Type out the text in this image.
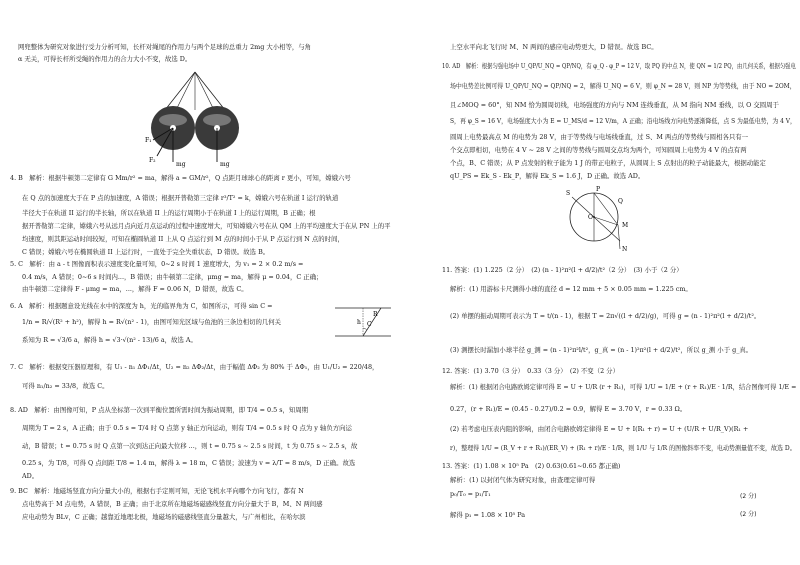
网兜整体为研究对象进行受力分析可知，长杆对绳尾的作用力与两个足球的总重力 2mg 大小相等，与角
α 无关，可得长杆所受绳的作用力的合力大小不变，故选 D。
F₁
F₂
mg	mg
4. B　解析：根据牛顿第二定律有 G Mm/r² = ma，解得 a = GM/r²，Q 点距月球球心的距离 r 更小，可知，嫦娥六号
在 Q 点的加速度大于在 P 点的加速度，A 错误；根据开普勒第三定律 r³/T² = k，嫦娥六号在轨道 I 运行的轨道
半径大于在轨道 II 运行的半长轴，所以在轨道 II 上的运行周期小于在轨道 I 上的运行周期，B 正确；根
据开普勒第二定律，嫦娥六号从远月点向近月点运动的过程中速度增大，可知嫦娥六号在从 QM 上的平均速度大于在从 PN 上的平
均速度，则其距运动时间较短，可知在椭圆轨道 II 上从 Q 点运行到 M 点的时间小于从 P 点运行到 N 点的时间，
C 错误；嫦娥六号在椭圆轨道 II 上运行时，一直处于完全失重状态，D 错误。故选 B。
5. C　解析：由 a - t 图像面积表示速度变化量可知，0~2 s 时间 1 速度增大，为 v₁ = 2 × 0.2 m/s =
0.4 m/s，A 错误；0~6 s 时间内...，B 错误；由牛顿第二定律，μmg = ma，解得 μ = 0.04，C 正确；
由牛顿第二定律得 F - μmg = ma，...，解得 F = 0.06 N，D 错误，故选 C。
6. A　解析：根据题意设光线在水中的深度为 h，光的临界角为 C，如图所示，可得 sin C =
1/n = R/√(R² + h²)，解得 h = R√(n² - 1)，由图可知光区域与鱼池的三条边相切的几何关
系知为 R = √3/6 a，解得 h = √3·√(n² - 13)/6 a，故选 A。
h C
R
7. C　解析：根据变压器原理和，有 U₁ - n₁ ΔΦ₁/Δt，U₂ = n₂ ΔΦ₂/Δt，由于幅值 ΔΦ₂ 为 80% 于 ΔΦ₁，由 U₁/U₂ = 220/48，
可得 n₁/n₂ = 33/8，故选 C。
8. AD　解析：由图像可知，P 点从坐标第一次到平衡位置所需时间为振动周期，即 T/4 = 0.5 s，知周期
周期为 T = 2 s，A 正确；由于 0.5 s = T/4 时 Q 点第 y 轴正方向运动，则有 T/4 = 0.5 s 时 Q 点为 y 轴负方向运
动，B 错误；t = 0.75 s 时 Q 点第一次到达正向最大位移 ...，则 t = 0.75 s ~ 2.5 s 时间，t 为 0.75 s ~ 2.5 s，故
0.25 s，为 T/8，可得 Q 点间距 T/8 = 1.4 m，解得 λ = 18 m，C 错误；波速为 v = λ/T = 8 m/s，D 正确。故选
AD。
9. BC　解析：地磁场竖直方向分量大小的，根据右手定则可知，无论飞机水平向哪个方向飞行，都有 N
点电势高于 M 点电势，A 错误，B 正确；由于北京所在地磁场磁感线竖直方向分量大于 B，M、N 两间感
应电动势为 BLv，C 正确；越靠近地理北极，地磁场的磁感线竖直分量越大，与广州相比，在哈尔滨
上空水平向北飞行时 M、N 两间的感应电动势更大，D 错误。故选 BC。
10. AD　解析：根据匀强电场中 U_QP/U_NQ = QP/NQ，有 φ_Q - φ_P = 12 V，取 PQ 的中点 N，使 QN = 1/2 PQ，由几何关系，根据匀强电
场中电势差比例可得 U_QP/U_NQ = QP/NQ = 2，解得 U_NQ = 6 V，则 φ_N = 28 V，则 NP 为等势线，由于 NO = 2OM，
且∠MOQ = 60°，知 NM 恰为圆周切线，电场强度的方向与 NM 连线垂直，从 M 指向 NM 垂线，以 O 交圆周于
S，再 φ_S = 16 V，电场强度大小为 E = U_MS/d = 12 V/m，A 正确；沿电场线方向电势逐渐降低，点 S 为最低电势，为 4 V，
圆周上电势最高点 M 的电势为 28 V，由于等势线与电场线垂直，过 S、M 两点的等势线与圆相各只有一
个交点即相切，电势在 4 V ~ 28 V 之间的等势线与圆周交点均为两个，可知圆周上电势为 4 V 的点有两
个点，B、C 错误；从 P 点发射的粒子能为 1 J 的带正电粒子，从圆周上 S 点射出的粒子动能最大，根据动能定
qU_PS = Ek_S - Ek_P，解得 Ek_S = 1.6 J，D 正确。故选 AD。
S
P
Q
M
N
O
11. 答案：(1) 1.225（2 分）　(2) (n - 1)²π²(l + d/2)/t²（2 分）　(3) 小于（2 分）
解析：(1) 用游标卡尺测得小球的直径 d = 12 mm + 5 × 0.05 mm = 1.225 cm。
(2) 单摆的振动周期可表示为 T = t/(n - 1)，根据 T = 2π√((l + d/2)/g)，可得 g = (n - 1)²π²(l + d/2)/t²。
(3) 测摆长时漏加小球半径 g_测 = (n - 1)²π²l/t²，g_真 = (n - 1)²π²(l + d/2)/t²，所以 g_测 小于 g_真。
12. 答案：(1) 3.70（3 分）　0.33（3 分）　(2) 不变（2 分）
解析：(1) 根据闭合电路欧姆定律可得 E = U + U/R (r + R₁)，可得 1/U = 1/E + (r + R₁)/E · 1/R，结合图像可得 1/E =
0.27，(r + R₁)/E = (0.45 - 0.27)/0.2 = 0.9，解得 E = 3.70 V，r = 0.33 Ω。
(2) 若考虑电压表内阻的影响，由闭合电路欧姆定律得 E = U + I(R₁ + r) = U + (U/R + U/R_V)(R₁ +
r)，整理得 1/U = (R_V + r + R₁)/(ER_V) + (R₁ + r)/E · 1/R，则 1/U 与 1/R 的图像斜率不变，电动势测量值不变，故选 D。
13. 答案：(1) 1.08 × 10⁵ Pa　(2) 0.63(0.61~0.65 都正确)
解析：(1) 以封闭气体为研究对象，由查理定律可得
p₀/T₀ = p₁/T₁
解得 p₁ = 1.08 × 10⁵ Pa
(2 分)
(2 分)
